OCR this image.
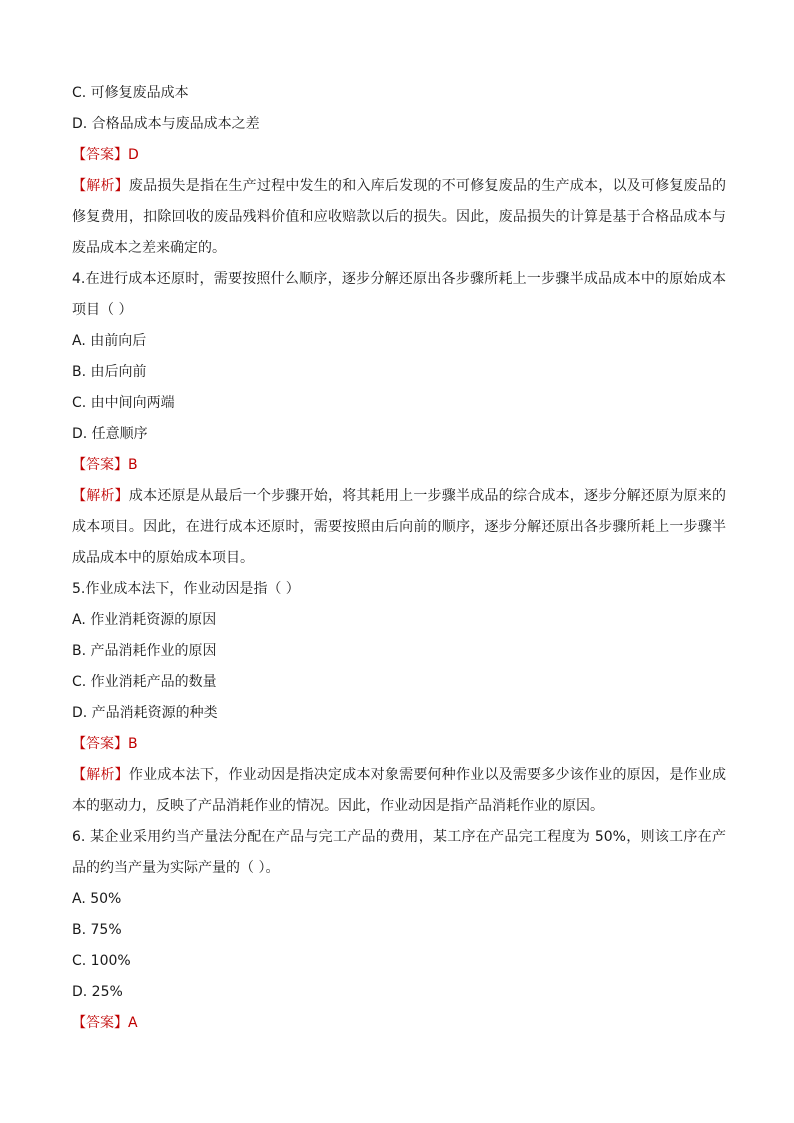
C. 可修复废品成本

D. 合格品成本与废品成本之差

【答案】D

【解析】废品损失是指在生产过程中发生的和入库后发现的不可修复废品的生产成本，以及可修复废品的修复费用，扣除回收的废品残料价值和应收赔款以后的损失。因此，废品损失的计算是基于合格品成本与废品成本之差来确定的。

4.在进行成本还原时，需要按照什么顺序，逐步分解还原出各步骤所耗上一步骤半成品成本中的原始成本项目（ ）

A. 由前向后

B. 由后向前

C. 由中间向两端

D. 任意顺序

【答案】B

【解析】成本还原是从最后一个步骤开始，将其耗用上一步骤半成品的综合成本，逐步分解还原为原来的成本项目。因此，在进行成本还原时，需要按照由后向前的顺序，逐步分解还原出各步骤所耗上一步骤半成品成本中的原始成本项目。

5.作业成本法下，作业动因是指（ ）

A. 作业消耗资源的原因

B. 产品消耗作业的原因

C. 作业消耗产品的数量

D. 产品消耗资源的种类

【答案】B

【解析】作业成本法下，作业动因是指决定成本对象需要何种作业以及需要多少该作业的原因，是作业成本的驱动力，反映了产品消耗作业的情况。因此，作业动因是指产品消耗作业的原因。

6. 某企业采用约当产量法分配在产品与完工产品的费用，某工序在产品完工程度为 50%，则该工序在产品的约当产量为实际产量的（ ）。

A. 50%

B. 75%

C. 100%

D. 25%

【答案】A
